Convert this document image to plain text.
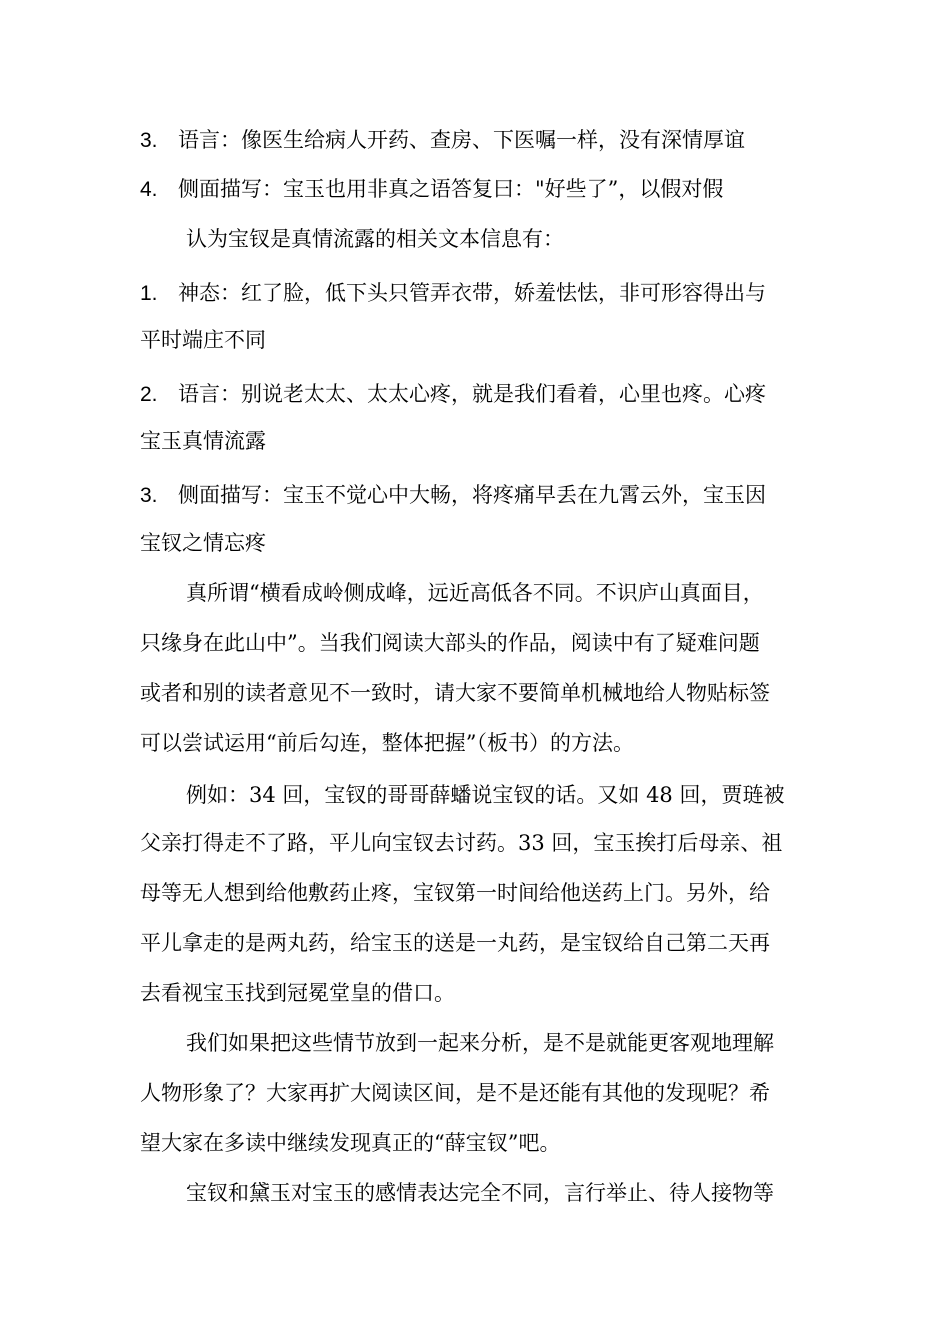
3. 语言：像医生给病人开药、查房、下医嘱一样，没有深情厚谊
4. 侧面描写：宝玉也用非真之语答复曰："好些了”，以假对假
认为宝钗是真情流露的相关文本信息有：
1. 神态：红了脸，低下头只管弄衣带，娇羞怯怯，非可形容得出与
平时端庄不同
2. 语言：别说老太太、太太心疼，就是我们看着，心里也疼。心疼
宝玉真情流露
3. 侧面描写：宝玉不觉心中大畅，将疼痛早丢在九霄云外，宝玉因
宝钗之情忘疼
真所谓“横看成岭侧成峰，远近高低各不同。不识庐山真面目，
只缘身在此山中”。当我们阅读大部头的作品，阅读中有了疑难问题
或者和别的读者意见不一致时，请大家不要简单机械地给人物贴标签
可以尝试运用“前后勾连，整体把握”（板书）的方法。
例如：34 回，宝钗的哥哥薛蟠说宝钗的话。又如 48 回，贾琏被
父亲打得走不了路，平儿向宝钗去讨药。33 回，宝玉挨打后母亲、祖
母等无人想到给他敷药止疼，宝钗第一时间给他送药上门。另外，给
平儿拿走的是两丸药，给宝玉的送是一丸药，是宝钗给自己第二天再
去看视宝玉找到冠冕堂皇的借口。
我们如果把这些情节放到一起来分析，是不是就能更客观地理解
人物形象了？大家再扩大阅读区间，是不是还能有其他的发现呢？希
望大家在多读中继续发现真正的“薛宝钗”吧。
宝钗和黛玉对宝玉的感情表达完全不同，言行举止、待人接物等
